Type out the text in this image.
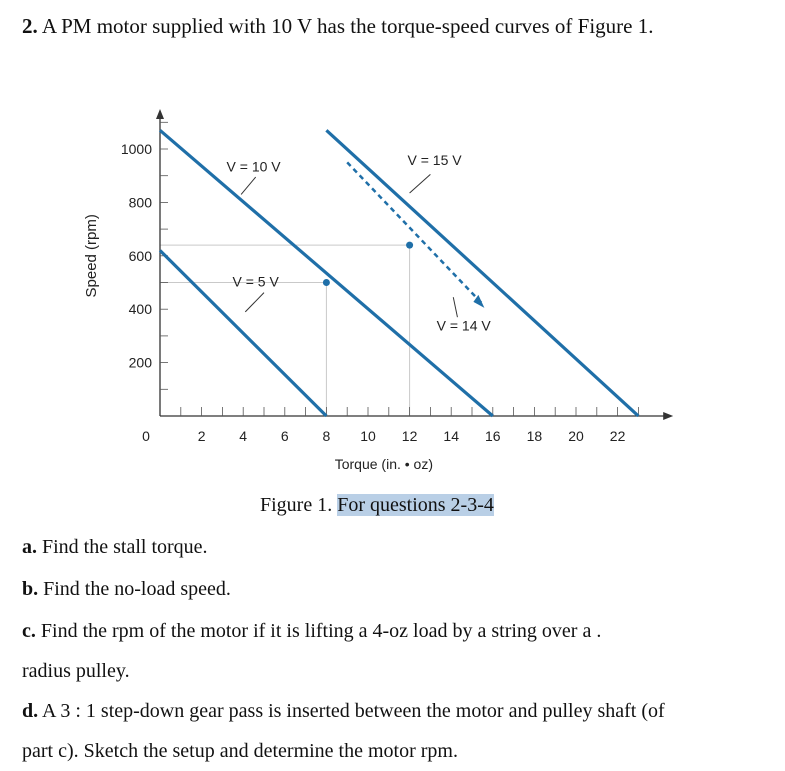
2. A PM motor supplied with 10 V has the torque-speed curves of Figure 1.
0	2 4 6 8 10 12 14 16 18 20 22
200
400
600
800
1000
Torque (in. • oz)
Speed (rpm)
V = 10 V
V = 5 V
V = 15 V
V = 14 V
Figure 1. For questions 2-3-4
a. Find the stall torque.
b. Find the no-load speed.
c. Find the rpm of the motor if it is lifting a 4-oz load by a string over a .
radius pulley.
d. A 3 : 1 step-down gear pass is inserted between the motor and pulley shaft (of
part c). Sketch the setup and determine the motor rpm.
